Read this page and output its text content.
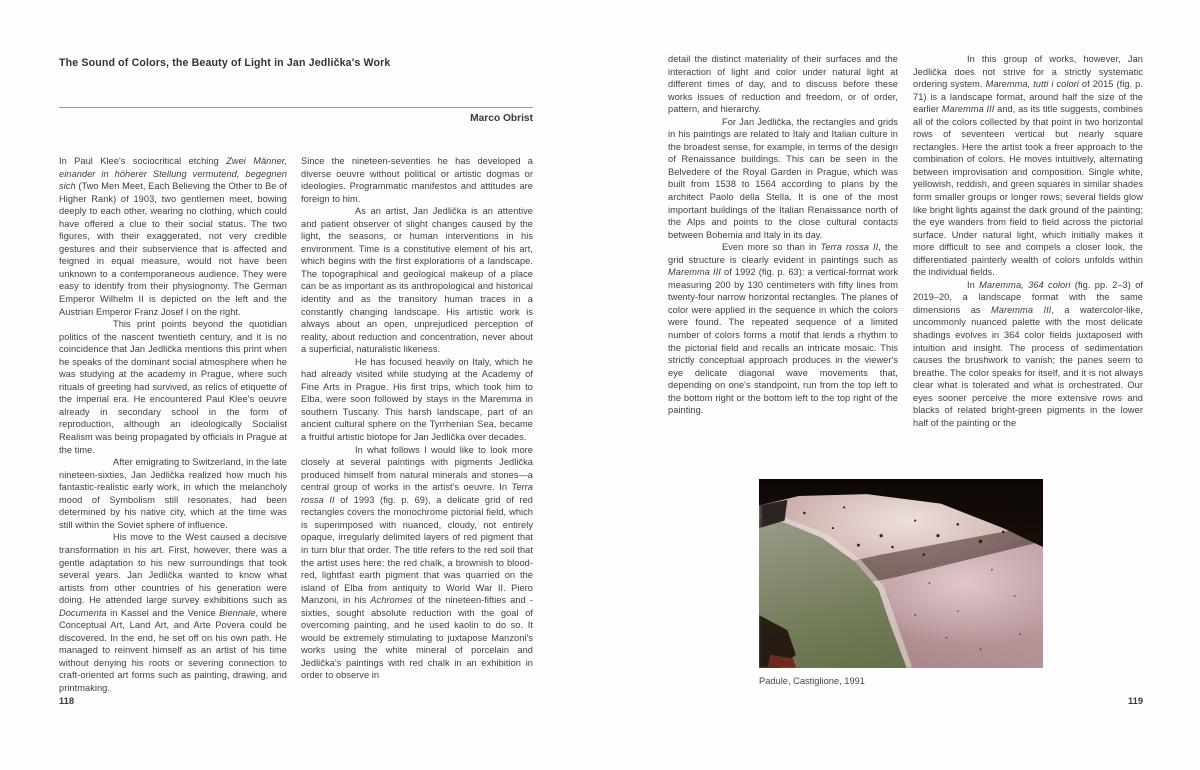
The Sound of Colors, the Beauty of Light in Jan Jedlička's Work
Marco Obrist

In Paul Klee's sociocritical etching Zwei Männer, einander in höherer Stellung vermutend, begegnen sich (Two Men Meet, Each Believing the Other to Be of Higher Rank) of 1903, two gentlemen meet, bowing deeply to each other, wearing no clothing, which could have offered a clue to their social status. The two figures, with their exaggerated, not very credible gestures and their subservience that is affected and feigned in equal measure, would not have been unknown to a contemporaneous audience. They were easy to identify from their physiognomy. The German Emperor Wilhelm II is depicted on the left and the Austrian Emperor Franz Josef I on the right.

This print points beyond the quotidian politics of the nascent twentieth century, and it is no coincidence that Jan Jedlička mentions this print when he speaks of the dominant social atmosphere when he was studying at the academy in Prague, where such rituals of greeting had survived, as relics of etiquette of the imperial era. He encountered Paul Klee's oeuvre already in secondary school in the form of reproduction, although an ideologically Socialist Realism was being propagated by officials in Prague at the time.

After emigrating to Switzerland, in the late nineteen-sixties, Jan Jedlička realized how much his fantastic-realistic early work, in which the melancholy mood of Symbolism still resonates, had been determined by his native city, which at the time was still within the Soviet sphere of influence.

His move to the West caused a decisive transformation in his art. First, however, there was a gentle adaptation to his new surroundings that took several years. Jan Jedlička wanted to know what artists from other countries of his generation were doing. He attended large survey exhibitions such as Documenta in Kassel and the Venice Biennale, where Conceptual Art, Land Art, and Arte Povera could be discovered. In the end, he set off on his own path. He managed to reinvent himself as an artist of his time without denying his roots or severing connection to craft-oriented art forms such as painting, drawing, and printmaking.

Since the nineteen-seventies he has developed a diverse oeuvre without political or artistic dogmas or ideologies. Programmatic manifestos and attitudes are foreign to him.

As an artist, Jan Jedlička is an attentive and patient observer of slight changes caused by the light, the seasons, or human interventions in his environment. Time is a constitutive element of his art, which begins with the first explorations of a landscape. The topographical and geological makeup of a place can be as important as its anthropological and historical identity and as the transitory human traces in a constantly changing landscape. His artistic work is always about an open, unprejudiced perception of reality, about reduction and concentration, never about a superficial, naturalistic likeness.

He has focused heavily on Italy, which he had already visited while studying at the Academy of Fine Arts in Prague. His first trips, which took him to Elba, were soon followed by stays in the Maremma in southern Tuscany. This harsh landscape, part of an ancient cultural sphere on the Tyrrhenian Sea, became a fruitful artistic biotope for Jan Jedlička over decades.

In what follows I would like to look more closely at several paintings with pigments Jedlička produced himself from natural minerals and stones—a central group of works in the artist's oeuvre. In Terra rossa II of 1993 (fig. p. 69), a delicate grid of red rectangles covers the monochrome pictorial field, which is superimposed with nuanced, cloudy, not entirely opaque, irregularly delimited layers of red pigment that in turn blur that order. The title refers to the red soil that the artist uses here: the red chalk, a brownish to blood-red, lightfast earth pigment that was quarried on the island of Elba from antiquity to World War II. Piero Manzoni, in his Achromes of the nineteen-fifties and -sixties, sought absolute reduction with the goal of overcoming painting, and he used kaolin to do so. It would be extremely stimulating to juxtapose Manzoni's works using the white mineral of porcelain and Jedlička's paintings with red chalk in an exhibition in order to observe in

118

detail the distinct materiality of their surfaces and the interaction of light and color under natural light at different times of day, and to discuss before these works issues of reduction and freedom, or of order, pattern, and hierarchy.

For Jan Jedlička, the rectangles and grids in his paintings are related to Italy and Italian culture in the broadest sense, for example, in terms of the design of Renaissance buildings. This can be seen in the Belvedere of the Royal Garden in Prague, which was built from 1538 to 1564 according to plans by the architect Paolo della Stella. It is one of the most important buildings of the Italian Renaissance north of the Alps and points to the close cultural contacts between Bohemia and Italy in its day.

Even more so than in Terra rossa II, the grid structure is clearly evident in paintings such as Maremma III of 1992 (fig. p. 63): a vertical-format work measuring 200 by 130 centimeters with fifty lines from twenty-four narrow horizontal rectangles. The planes of color were applied in the sequence in which the colors were found. The repeated sequence of a limited number of colors forms a motif that lends a rhythm to the pictorial field and recalls an intricate mosaic. This strictly conceptual approach produces in the viewer's eye delicate diagonal wave movements that, depending on one's standpoint, run from the top left to the bottom right or the bottom left to the top right of the painting.

In this group of works, however, Jan Jedlička does not strive for a strictly systematic ordering system. Maremma, tutti i colori of 2015 (fig. p. 71) is a landscape format, around half the size of the earlier Maremma III and, as its title suggests, combines all of the colors collected by that point in two horizontal rows of seventeen vertical but nearly square rectangles. Here the artist took a freer approach to the combination of colors. He moves intuitively, alternating between improvisation and composition. Single white, yellowish, reddish, and green squares in similar shades form smaller groups or longer rows; several fields glow like bright lights against the dark ground of the painting; the eye wanders from field to field across the pictorial surface. Under natural light, which initially makes it more difficult to see and compels a closer look, the differentiated painterly wealth of colors unfolds within the individual fields.

In Maremma, 364 colori (fig. pp. 2–3) of 2019–20, a landscape format with the same dimensions as Maremma III, a watercolor-like, uncommonly nuanced palette with the most delicate shadings evolves in 364 color fields juxtaposed with intuition and insight. The process of sedimentation causes the brushwork to vanish; the panes seem to breathe. The color speaks for itself, and it is not always clear what is tolerated and what is orchestrated. Our eyes sooner perceive the more extensive rows and blacks of related bright-green pigments in the lower half of the painting or the

Padule, Castiglione, 1991
119
